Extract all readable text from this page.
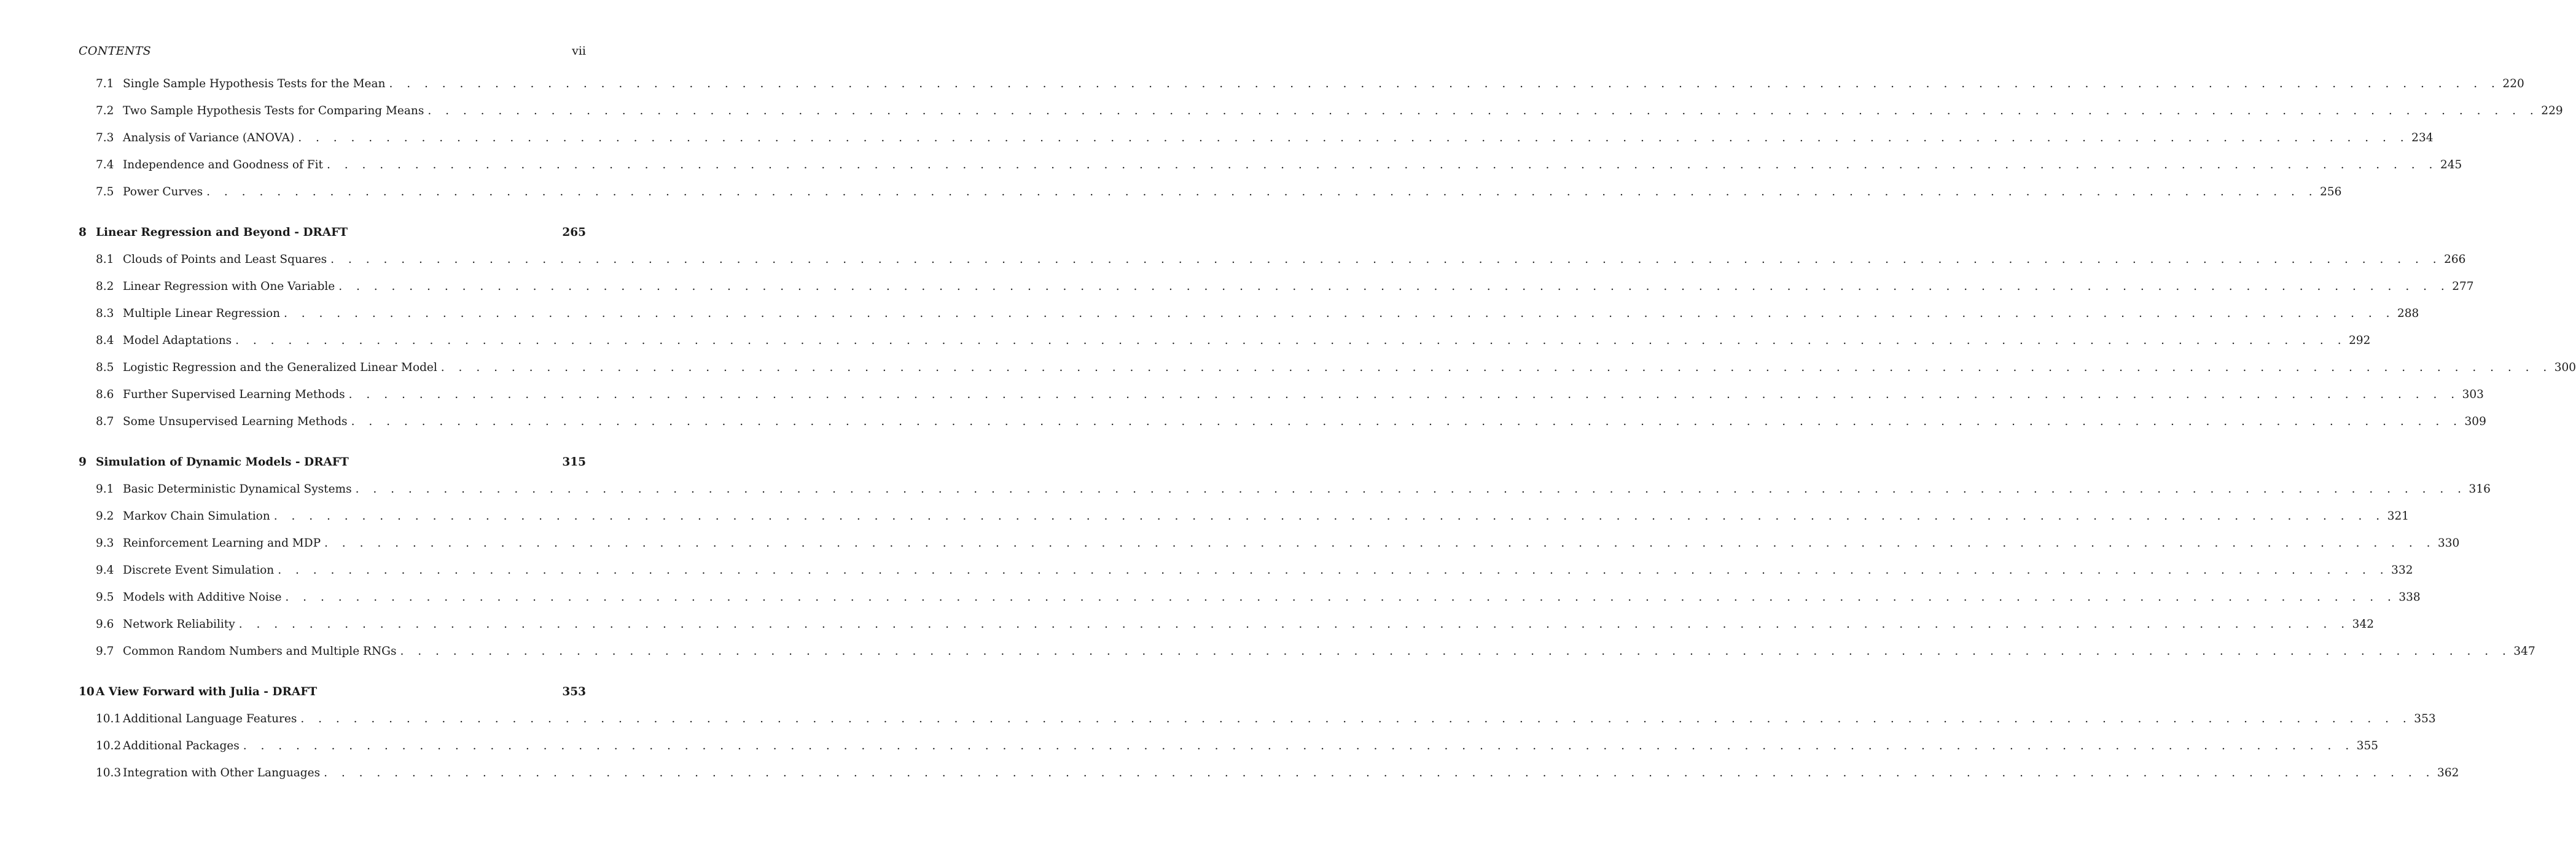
CONTENTS	vii
7.1 Single Sample Hypothesis Tests for the Mean . . . . . . . . . . . . . . . . . . . . . . . . . . . . . . . . . . . . . . . . . . . . . . . . . . . . . . . . . . . . . . . . . . . . . . . . . . . . . . . . . . . . . . . . . . . . . . . . . . . . . . . . . . . . . . . . . . . . . . . . 220
7.2 Two Sample Hypothesis Tests for Comparing Means . . . . . . . . . . . . . . . . . . . . . . . . . . . . . . . . . . . . . . . . . . . . . . . . . . . . . . . . . . . . . . . . . . . . . . . . . . . . . . . . . . . . . . . . . . . . . . . . . . . . . . . . . . . . . . . . . . . . . . . . 229
7.3 Analysis of Variance (ANOVA) . . . . . . . . . . . . . . . . . . . . . . . . . . . . . . . . . . . . . . . . . . . . . . . . . . . . . . . . . . . . . . . . . . . . . . . . . . . . . . . . . . . . . . . . . . . . . . . . . . . . . . . . . . . . . . . . . . . . . . . . 234
7.4 Independence and Goodness of Fit . . . . . . . . . . . . . . . . . . . . . . . . . . . . . . . . . . . . . . . . . . . . . . . . . . . . . . . . . . . . . . . . . . . . . . . . . . . . . . . . . . . . . . . . . . . . . . . . . . . . . . . . . . . . . . . . . . . . . . . . 245
7.5 Power Curves . . . . . . . . . . . . . . . . . . . . . . . . . . . . . . . . . . . . . . . . . . . . . . . . . . . . . . . . . . . . . . . . . . . . . . . . . . . . . . . . . . . . . . . . . . . . . . . . . . . . . . . . . . . . . . . . . . . . . . . . 256
8 Linear Regression and Beyond - DRAFT	265
8.1 Clouds of Points and Least Squares . . . . . . . . . . . . . . . . . . . . . . . . . . . . . . . . . . . . . . . . . . . . . . . . . . . . . . . . . . . . . . . . . . . . . . . . . . . . . . . . . . . . . . . . . . . . . . . . . . . . . . . . . . . . . . . . . . . . . . . . 266
8.2 Linear Regression with One Variable . . . . . . . . . . . . . . . . . . . . . . . . . . . . . . . . . . . . . . . . . . . . . . . . . . . . . . . . . . . . . . . . . . . . . . . . . . . . . . . . . . . . . . . . . . . . . . . . . . . . . . . . . . . . . . . . . . . . . . . . 277
8.3 Multiple Linear Regression . . . . . . . . . . . . . . . . . . . . . . . . . . . . . . . . . . . . . . . . . . . . . . . . . . . . . . . . . . . . . . . . . . . . . . . . . . . . . . . . . . . . . . . . . . . . . . . . . . . . . . . . . . . . . . . . . . . . . . . . 288
8.4 Model Adaptations . . . . . . . . . . . . . . . . . . . . . . . . . . . . . . . . . . . . . . . . . . . . . . . . . . . . . . . . . . . . . . . . . . . . . . . . . . . . . . . . . . . . . . . . . . . . . . . . . . . . . . . . . . . . . . . . . . . . . . . . 292
8.5 Logistic Regression and the Generalized Linear Model . . . . . . . . . . . . . . . . . . . . . . . . . . . . . . . . . . . . . . . . . . . . . . . . . . . . . . . . . . . . . . . . . . . . . . . . . . . . . . . . . . . . . . . . . . . . . . . . . . . . . . . . . . . . . . . . . . . . . . . . 300
8.6 Further Supervised Learning Methods . . . . . . . . . . . . . . . . . . . . . . . . . . . . . . . . . . . . . . . . . . . . . . . . . . . . . . . . . . . . . . . . . . . . . . . . . . . . . . . . . . . . . . . . . . . . . . . . . . . . . . . . . . . . . . . . . . . . . . . . 303
8.7 Some Unsupervised Learning Methods . . . . . . . . . . . . . . . . . . . . . . . . . . . . . . . . . . . . . . . . . . . . . . . . . . . . . . . . . . . . . . . . . . . . . . . . . . . . . . . . . . . . . . . . . . . . . . . . . . . . . . . . . . . . . . . . . . . . . . . . 309
9 Simulation of Dynamic Models - DRAFT	315
9.1 Basic Deterministic Dynamical Systems . . . . . . . . . . . . . . . . . . . . . . . . . . . . . . . . . . . . . . . . . . . . . . . . . . . . . . . . . . . . . . . . . . . . . . . . . . . . . . . . . . . . . . . . . . . . . . . . . . . . . . . . . . . . . . . . . . . . . . . . 316
9.2 Markov Chain Simulation . . . . . . . . . . . . . . . . . . . . . . . . . . . . . . . . . . . . . . . . . . . . . . . . . . . . . . . . . . . . . . . . . . . . . . . . . . . . . . . . . . . . . . . . . . . . . . . . . . . . . . . . . . . . . . . . . . . . . . . . 321
9.3 Reinforcement Learning and MDP . . . . . . . . . . . . . . . . . . . . . . . . . . . . . . . . . . . . . . . . . . . . . . . . . . . . . . . . . . . . . . . . . . . . . . . . . . . . . . . . . . . . . . . . . . . . . . . . . . . . . . . . . . . . . . . . . . . . . . . . 330
9.4 Discrete Event Simulation . . . . . . . . . . . . . . . . . . . . . . . . . . . . . . . . . . . . . . . . . . . . . . . . . . . . . . . . . . . . . . . . . . . . . . . . . . . . . . . . . . . . . . . . . . . . . . . . . . . . . . . . . . . . . . . . . . . . . . . . 332
9.5 Models with Additive Noise . . . . . . . . . . . . . . . . . . . . . . . . . . . . . . . . . . . . . . . . . . . . . . . . . . . . . . . . . . . . . . . . . . . . . . . . . . . . . . . . . . . . . . . . . . . . . . . . . . . . . . . . . . . . . . . . . . . . . . . . 338
9.6 Network Reliability . . . . . . . . . . . . . . . . . . . . . . . . . . . . . . . . . . . . . . . . . . . . . . . . . . . . . . . . . . . . . . . . . . . . . . . . . . . . . . . . . . . . . . . . . . . . . . . . . . . . . . . . . . . . . . . . . . . . . . . . 342
9.7 Common Random Numbers and Multiple RNGs . . . . . . . . . . . . . . . . . . . . . . . . . . . . . . . . . . . . . . . . . . . . . . . . . . . . . . . . . . . . . . . . . . . . . . . . . . . . . . . . . . . . . . . . . . . . . . . . . . . . . . . . . . . . . . . . . . . . . . . . 347
10 A View Forward with Julia - DRAFT	353
10.1 Additional Language Features . . . . . . . . . . . . . . . . . . . . . . . . . . . . . . . . . . . . . . . . . . . . . . . . . . . . . . . . . . . . . . . . . . . . . . . . . . . . . . . . . . . . . . . . . . . . . . . . . . . . . . . . . . . . . . . . . . . . . . . . 353
10.2 Additional Packages . . . . . . . . . . . . . . . . . . . . . . . . . . . . . . . . . . . . . . . . . . . . . . . . . . . . . . . . . . . . . . . . . . . . . . . . . . . . . . . . . . . . . . . . . . . . . . . . . . . . . . . . . . . . . . . . . . . . . . . . 355
10.3 Integration with Other Languages . . . . . . . . . . . . . . . . . . . . . . . . . . . . . . . . . . . . . . . . . . . . . . . . . . . . . . . . . . . . . . . . . . . . . . . . . . . . . . . . . . . . . . . . . . . . . . . . . . . . . . . . . . . . . . . . . . . . . . . . 362
